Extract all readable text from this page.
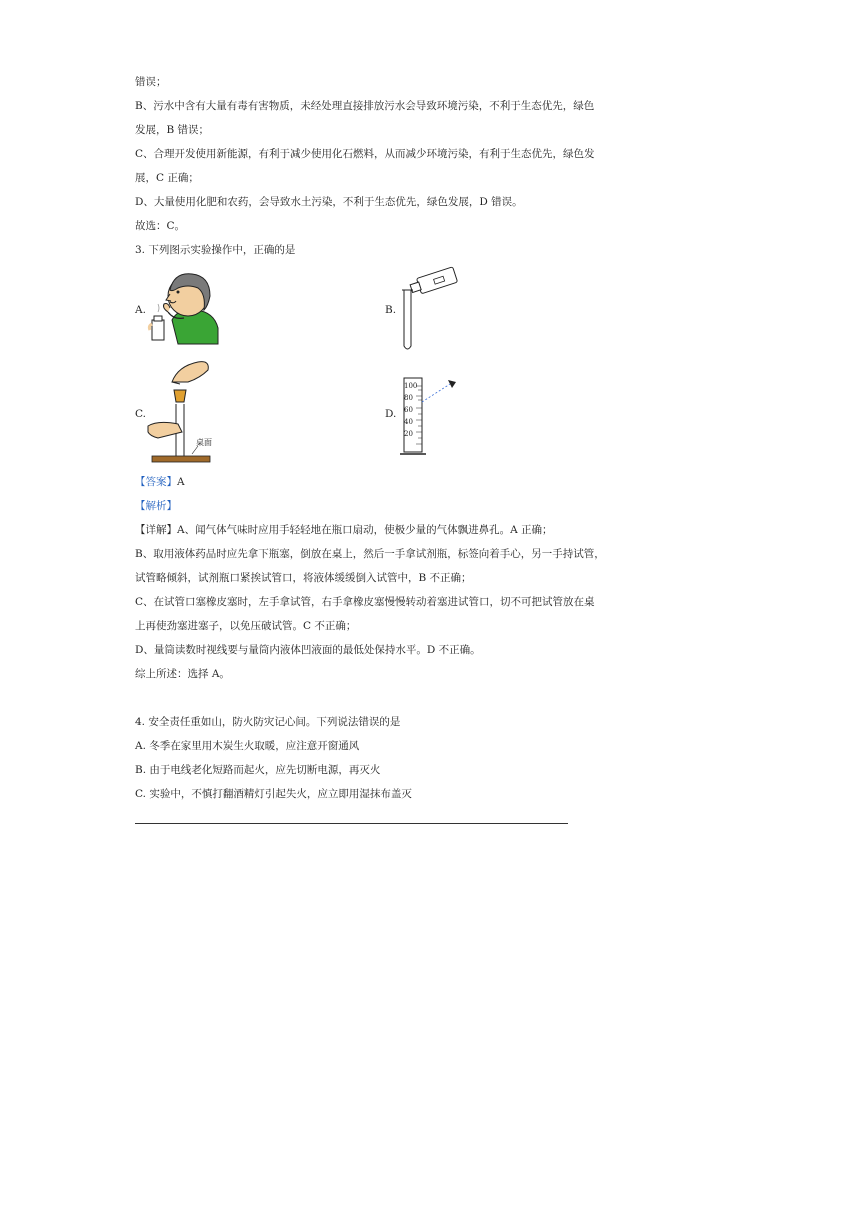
错误；
B、污水中含有大量有毒有害物质，未经处理直接排放污水会导致环境污染，不利于生态优先，绿色
发展，B 错误；
C、合理开发使用新能源，有利于减少使用化石燃料，从而减少环境污染，有利于生态优先，绿色发
展，C 正确；
D、大量使用化肥和农药，会导致水土污染，不利于生态优先，绿色发展，D 错误。
故选：C。
3. 下列图示实验操作中，正确的是
A.	B.
C.
桌面
D.
100
80
60
40
20
【答案】A
【解析】
【详解】A、闻气体气味时应用手轻轻地在瓶口扇动，使极少量的气体飘进鼻孔。A 正确；
B、取用液体药品时应先拿下瓶塞，倒放在桌上，然后一手拿试剂瓶，标签向着手心，另一手持试管，
试管略倾斜，试剂瓶口紧挨试管口，将液体缓缓倒入试管中，B 不正确；
C、在试管口塞橡皮塞时，左手拿试管，右手拿橡皮塞慢慢转动着塞进试管口，切不可把试管放在桌
上再使劲塞进塞子，以免压破试管。C 不正确；
D、量筒读数时视线要与量筒内液体凹液面的最低处保持水平。D 不正确。
综上所述：选择 A。
4. 安全责任重如山，防火防灾记心间。下列说法错误的是
A. 冬季在家里用木炭生火取暖，应注意开窗通风
B. 由于电线老化短路而起火，应先切断电源，再灭火
C. 实验中，不慎打翻酒精灯引起失火，应立即用湿抹布盖灭
